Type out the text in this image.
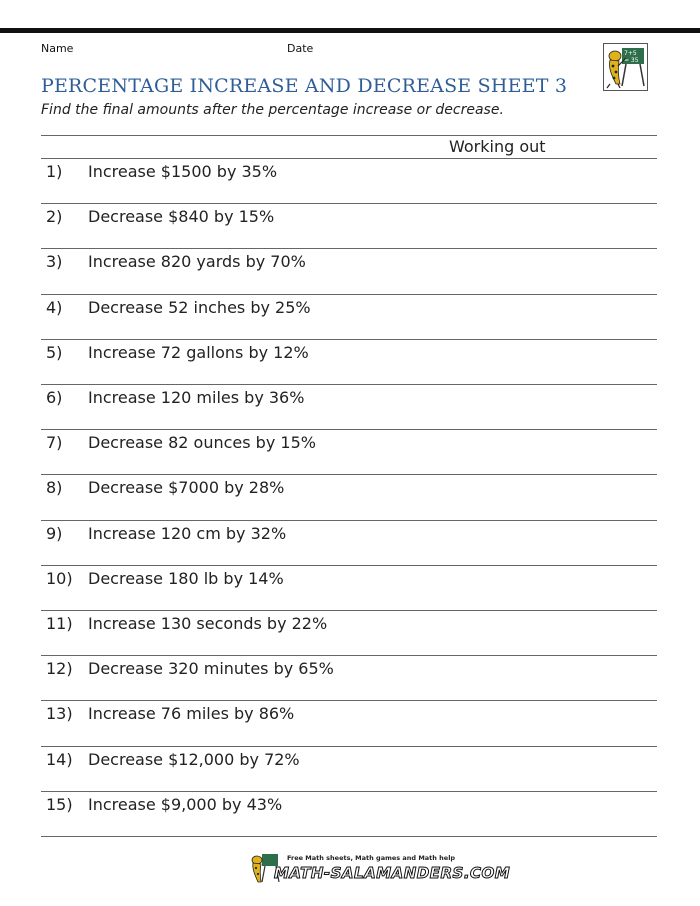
Name	Date	7+5
= 35
PERCENTAGE INCREASE AND DECREASE SHEET 3
Find the final amounts after the percentage increase or decrease.
Working out
1) Increase $1500 by 35%
2) Decrease $840 by 15%
3) Increase 820 yards by 70%
4) Decrease 52 inches by 25%
5) Increase 72 gallons by 12%
6) Increase 120 miles by 36%
7) Decrease 82 ounces by 15%
8) Decrease $7000 by 28%
9) Increase 120 cm by 32%
10) Decrease 180 lb by 14%
11) Increase 130 seconds by 22%
12) Decrease 320 minutes by 65%
13) Increase 76 miles by 86%
14) Decrease $12,000 by 72%
15) Increase $9,000 by 43%
Free Math sheets, Math games and Math help
MATH-SALAMANDERS.COM
